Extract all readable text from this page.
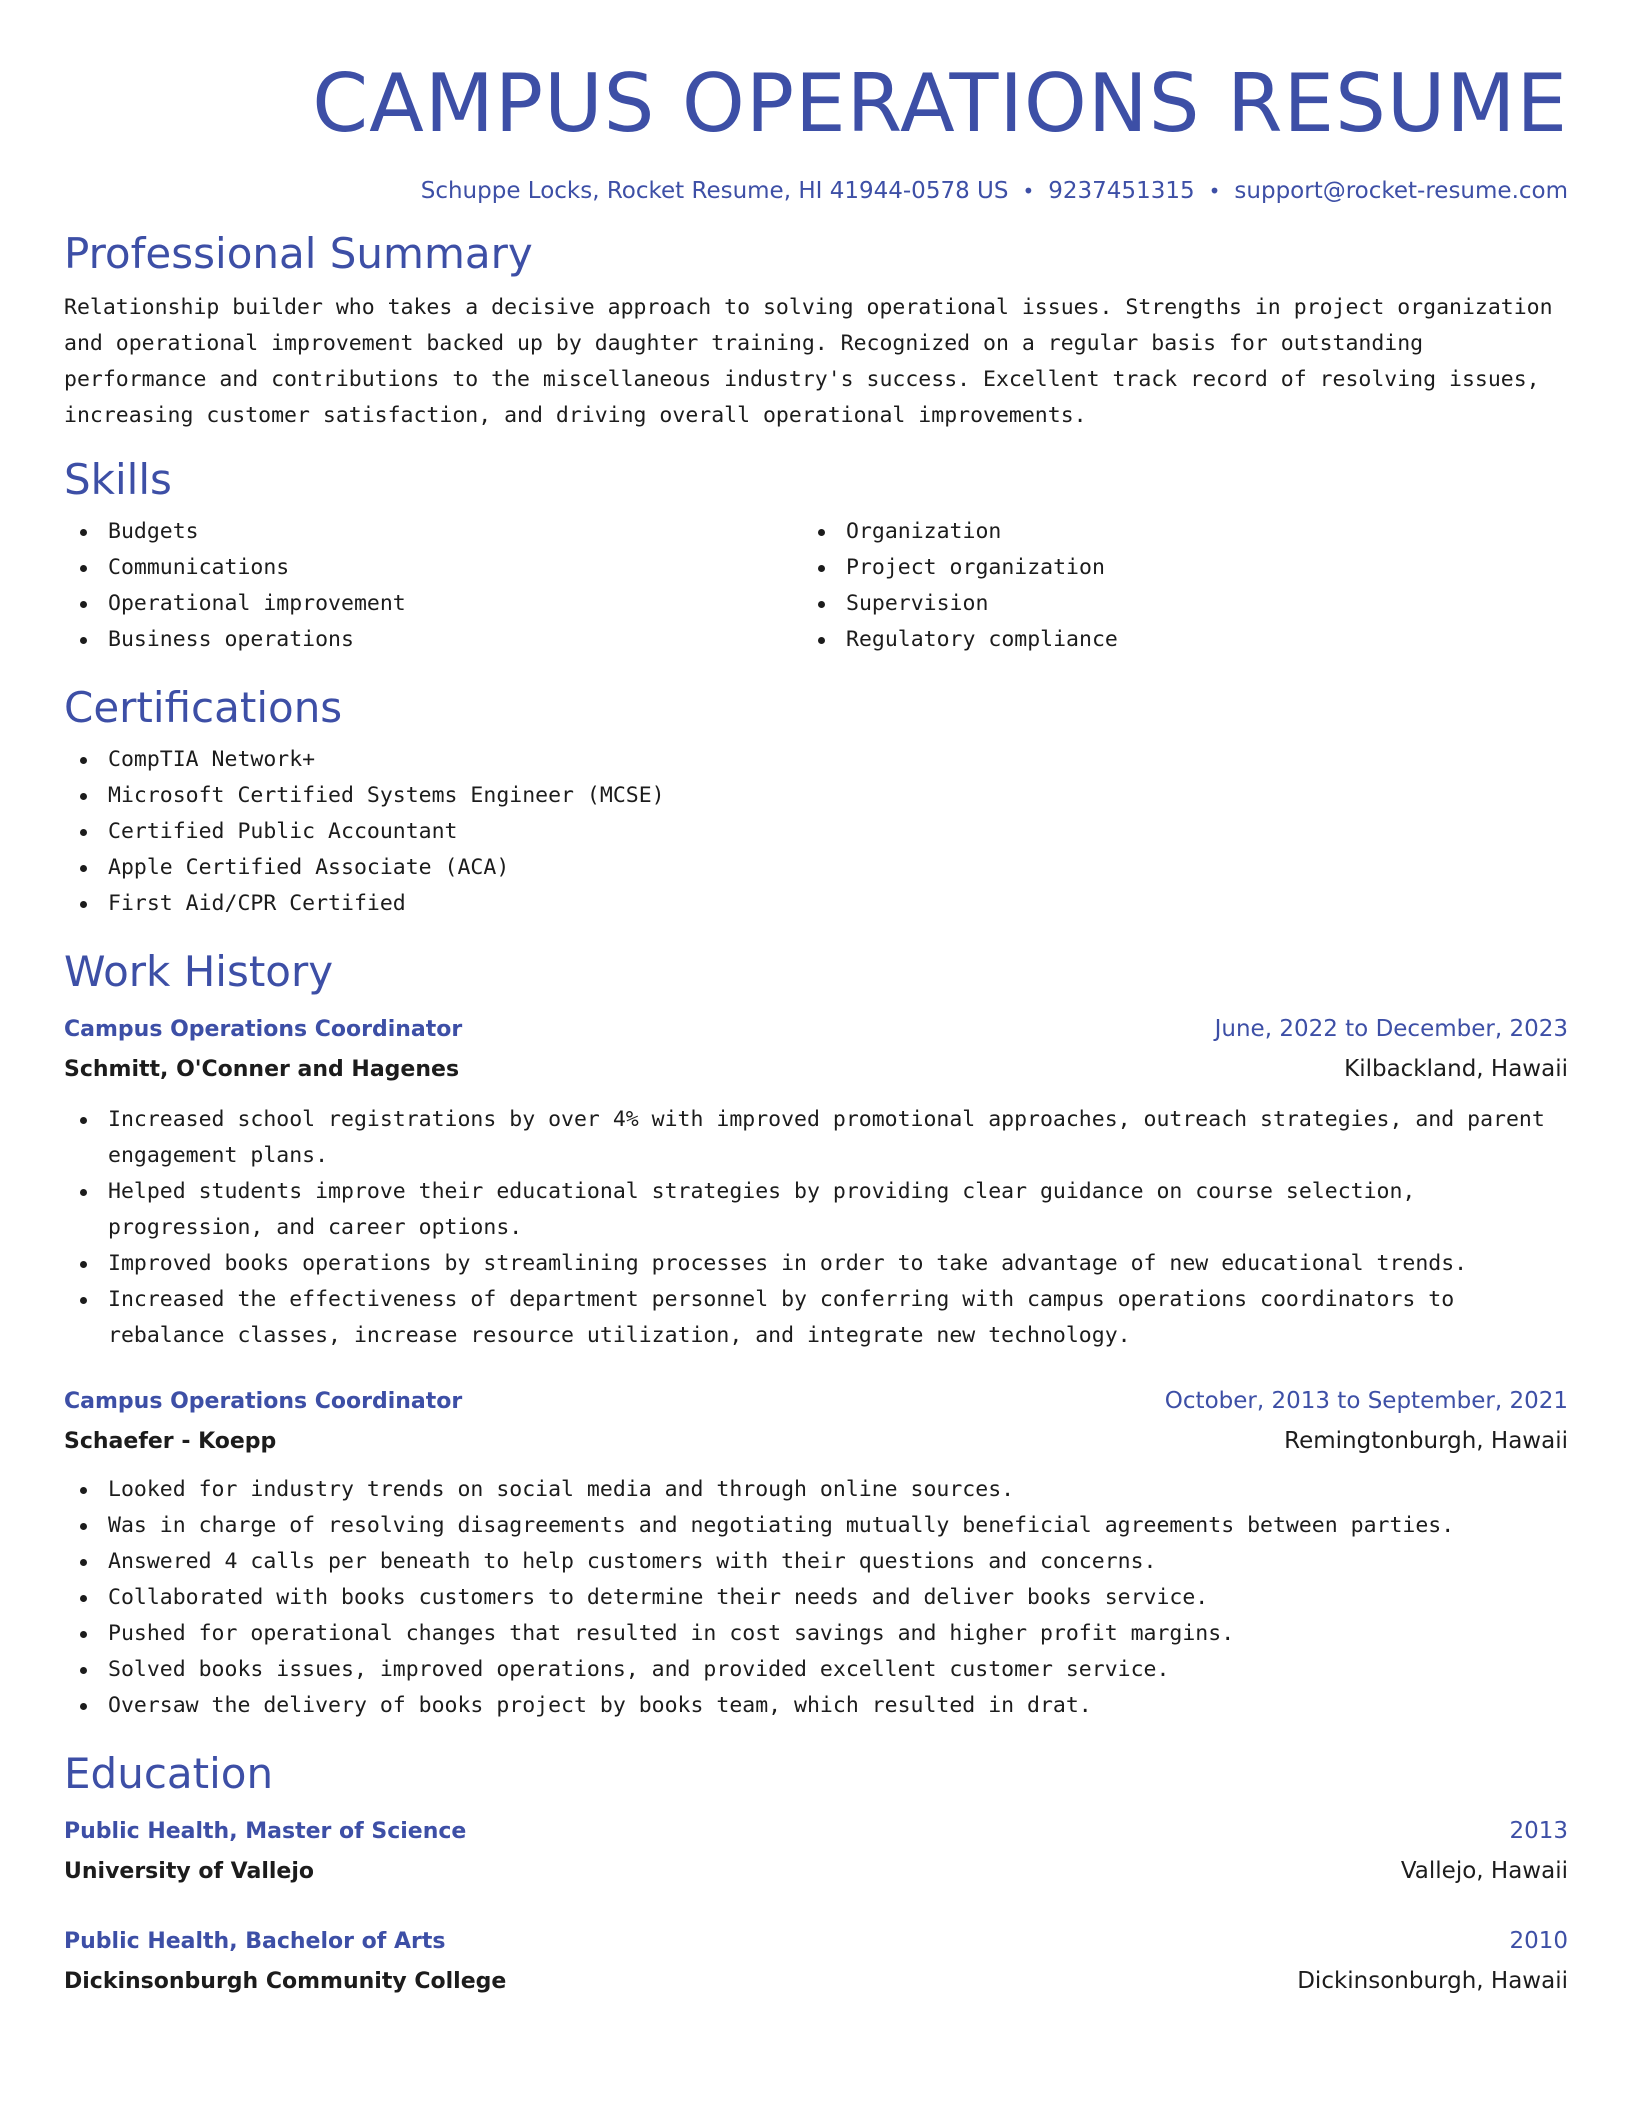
CAMPUS OPERATIONS RESUME
Schuppe Locks, Rocket Resume, HI 41944-0578 US • 9237451315 • support@rocket-resume.com
Professional Summary

Relationship builder who takes a decisive approach to solving operational issues. Strengths in project organization and operational improvement backed up by daughter training. Recognized on a regular basis for outstanding performance and contributions to the miscellaneous industry's success. Excellent track record of resolving issues, increasing customer satisfaction, and driving overall operational improvements.

Skills
Budgets
Communications
Operational improvement
Business operations
Organization
Project organization
Supervision
Regulatory compliance
Certifications
CompTIA Network+
Microsoft Certified Systems Engineer (MCSE)
Certified Public Accountant
Apple Certified Associate (ACA)
First Aid/CPR Certified
Work History
Campus Operations Coordinator	June, 2022 to December, 2023
Schmitt, O'Conner and Hagenes	Kilbackland, Hawaii
Increased school registrations by over 4% with improved promotional approaches, outreach strategies, and parent engagement plans.
Helped students improve their educational strategies by providing clear guidance on course selection, progression, and career options.
Improved books operations by streamlining processes in order to take advantage of new educational trends.
Increased the effectiveness of department personnel by conferring with campus operations coordinators to rebalance classes, increase resource utilization, and integrate new technology.
Campus Operations Coordinator	October, 2013 to September, 2021
Schaefer - Koepp	Remingtonburgh, Hawaii
Looked for industry trends on social media and through online sources.
Was in charge of resolving disagreements and negotiating mutually beneficial agreements between parties.
Answered 4 calls per beneath to help customers with their questions and concerns.
Collaborated with books customers to determine their needs and deliver books service.
Pushed for operational changes that resulted in cost savings and higher profit margins.
Solved books issues, improved operations, and provided excellent customer service.
Oversaw the delivery of books project by books team, which resulted in drat.
Education
Public Health, Master of Science	2013
University of Vallejo	Vallejo, Hawaii
Public Health, Bachelor of Arts	2010
Dickinsonburgh Community College	Dickinsonburgh, Hawaii
